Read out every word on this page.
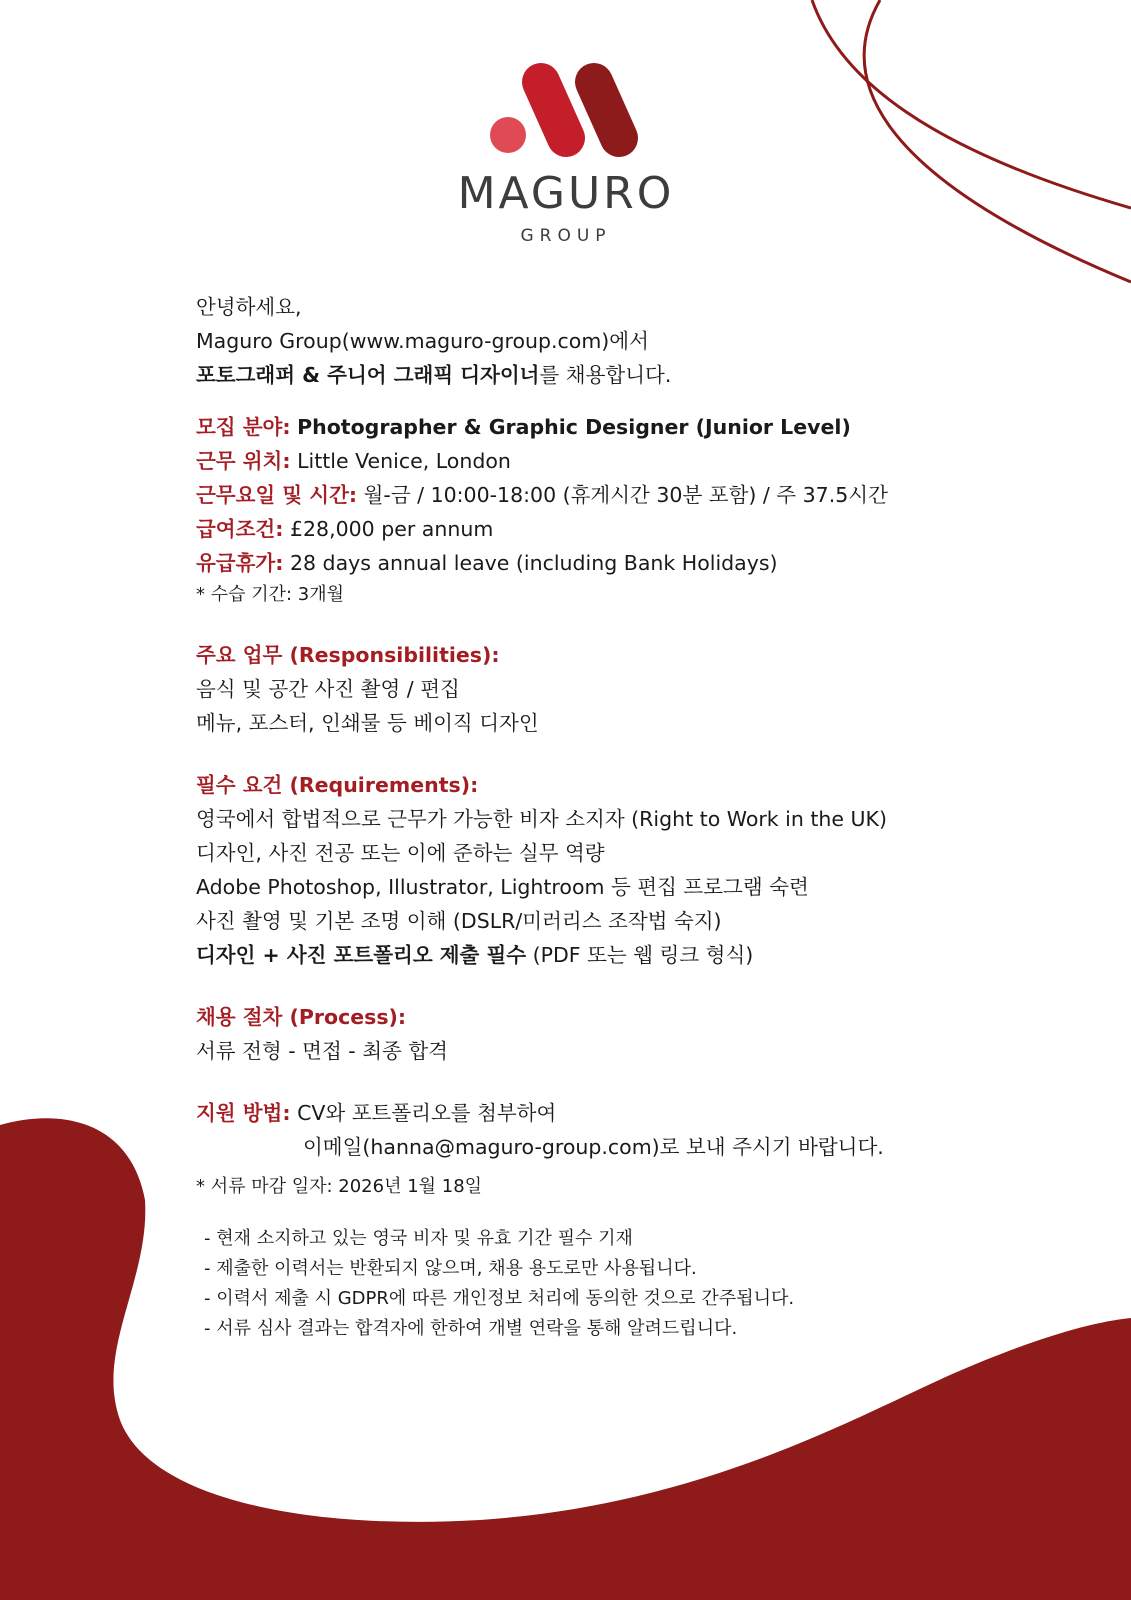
MAGURO
GROUP
안녕하세요,
Maguro Group(www.maguro-group.com)에서
포토그래퍼 & 주니어 그래픽 디자이너를 채용합니다.
모집 분야: Photographer & Graphic Designer (Junior Level)
근무 위치: Little Venice, London
근무요일 및 시간: 월-금 / 10:00-18:00 (휴게시간 30분 포함) / 주 37.5시간
급여조건: £28,000 per annum
유급휴가: 28 days annual leave (including Bank Holidays)
* 수습 기간: 3개월
주요 업무 (Responsibilities):
음식 및 공간 사진 촬영 / 편집
메뉴, 포스터, 인쇄물 등 베이직 디자인
필수 요건 (Requirements):
영국에서 합법적으로 근무가 가능한 비자 소지자 (Right to Work in the UK)
디자인, 사진 전공 또는 이에 준하는 실무 역량
Adobe Photoshop, Illustrator, Lightroom 등 편집 프로그램 숙련
사진 촬영 및 기본 조명 이해 (DSLR/미러리스 조작법 숙지)
디자인 + 사진 포트폴리오 제출 필수 (PDF 또는 웹 링크 형식)
채용 절차 (Process):
서류 전형 - 면접 - 최종 합격
지원 방법: CV와 포트폴리오를 첨부하여
이메일(hanna@maguro-group.com)로 보내 주시기 바랍니다.
* 서류 마감 일자: 2026년 1월 18일
- 현재 소지하고 있는 영국 비자 및 유효 기간 필수 기재
- 제출한 이력서는 반환되지 않으며, 채용 용도로만 사용됩니다.
- 이력서 제출 시 GDPR에 따른 개인정보 처리에 동의한 것으로 간주됩니다.
- 서류 심사 결과는 합격자에 한하여 개별 연락을 통해 알려드립니다.
